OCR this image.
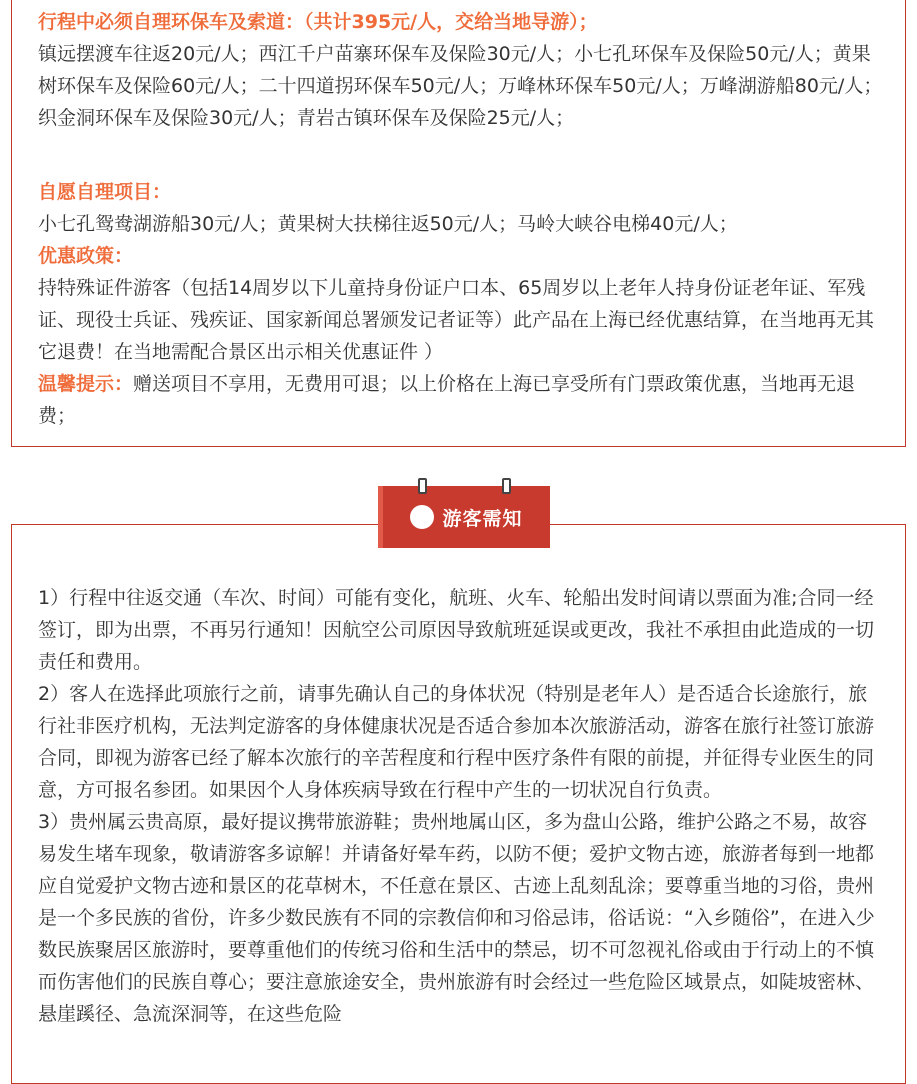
行程中必须自理环保车及索道：（共计395元/人，交给当地导游）；

镇远摆渡车往返20元/人；西江千户苗寨环保车及保险30元/人；小七孔环保车及保险50元/人；黄果树环保车及保险60元/人；二十四道拐环保车50元/人；万峰林环保车50元/人；万峰湖游船80元/人；织金洞环保车及保险30元/人；青岩古镇环保车及保险25元/人；

自愿自理项目：

小七孔鸳鸯湖游船30元/人；黄果树大扶梯往返50元/人；马岭大峡谷电梯40元/人；

优惠政策：

持特殊证件游客（包括14周岁以下儿童持身份证户口本、65周岁以上老年人持身份证老年证、军残证、现役士兵证、残疾证、国家新闻总署颁发记者证等）此产品在上海已经优惠结算，在当地再无其它退费！在当地需配合景区出示相关优惠证件 ）

温馨提示：赠送项目不享用，无费用可退；以上价格在上海已享受所有门票政策优惠，当地再无退费；

游客需知

1）行程中往返交通（车次、时间）可能有变化，航班、火车、轮船出发时间请以票面为准;合同一经签订，即为出票，不再另行通知！因航空公司原因导致航班延误或更改，我社不承担由此造成的一切责任和费用。

2）客人在选择此项旅行之前，请事先确认自己的身体状况（特别是老年人）是否适合长途旅行，旅行社非医疗机构，无法判定游客的身体健康状况是否适合参加本次旅游活动，游客在旅行社签订旅游合同，即视为游客已经了解本次旅行的辛苦程度和行程中医疗条件有限的前提，并征得专业医生的同意，方可报名参团。如果因个人身体疾病导致在行程中产生的一切状况自行负责。

3）贵州属云贵高原，最好提议携带旅游鞋；贵州地属山区，多为盘山公路，维护公路之不易，故容易发生堵车现象，敬请游客多谅解！并请备好晕车药，以防不便；爱护文物古迹，旅游者每到一地都应自觉爱护文物古迹和景区的花草树木，不任意在景区、古迹上乱刻乱涂；要尊重当地的习俗，贵州是一个多民族的省份，许多少数民族有不同的宗教信仰和习俗忌讳，俗话说：“入乡随俗”，在进入少数民族聚居区旅游时，要尊重他们的传统习俗和生活中的禁忌，切不可忽视礼俗或由于行动上的不慎而伤害他们的民族自尊心；要注意旅途安全，贵州旅游有时会经过一些危险区域景点，如陡坡密林、悬崖蹊径、急流深洞等，在这些危险
